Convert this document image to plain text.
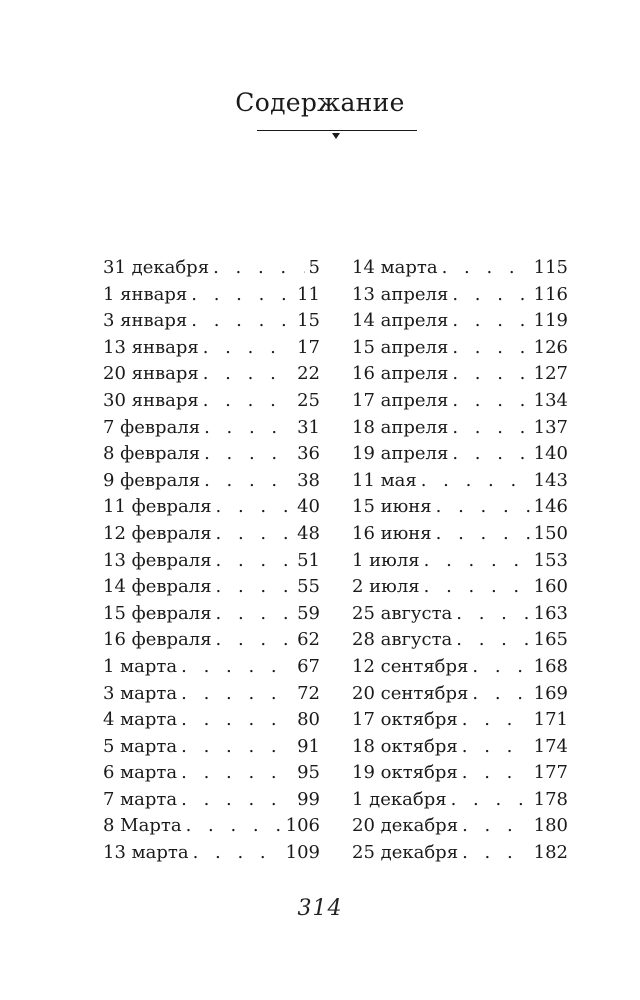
Содержание
31 декабря . . .	5
1 января . . .	11
3 января . . .	15
13 января . . .	17
20 января . . .	22
30 января . . .	25
7 февраля . . .	31
8 февраля . . .	36
9 февраля . . .	38
11 февраля . . .	40
12 февраля . . .	48
13 февраля . . .	51
14 февраля . . .	55
15 февраля . . .	59
16 февраля . . .	62
1 марта . . .	67
3 марта . . .	72
4 марта . . .	80
5 марта . . .	91
6 марта . . .	95
7 марта . . .	99
8 Марта . . .	106
13 марта . . .	109
14 марта . . .	115
13 апреля . . .	116
14 апреля . . .	119
15 апреля . . .	126
16 апреля . . .	127
17 апреля . . .	134
18 апреля . . .	137
19 апреля . . .	140
11 мая . . .	143
15 июня . . .	146
16 июня . . .	150
1 июля . . .	153
2 июля . . .	160
25 августа . . .	163
28 августа . . .	165
12 сентября . . .	168
20 сентября . . .	169
17 октября . . .	171
18 октября . . .	174
19 октября . . .	177
1 декабря . . .	178
20 декабря . . .	180
25 декабря . . .	182
314
